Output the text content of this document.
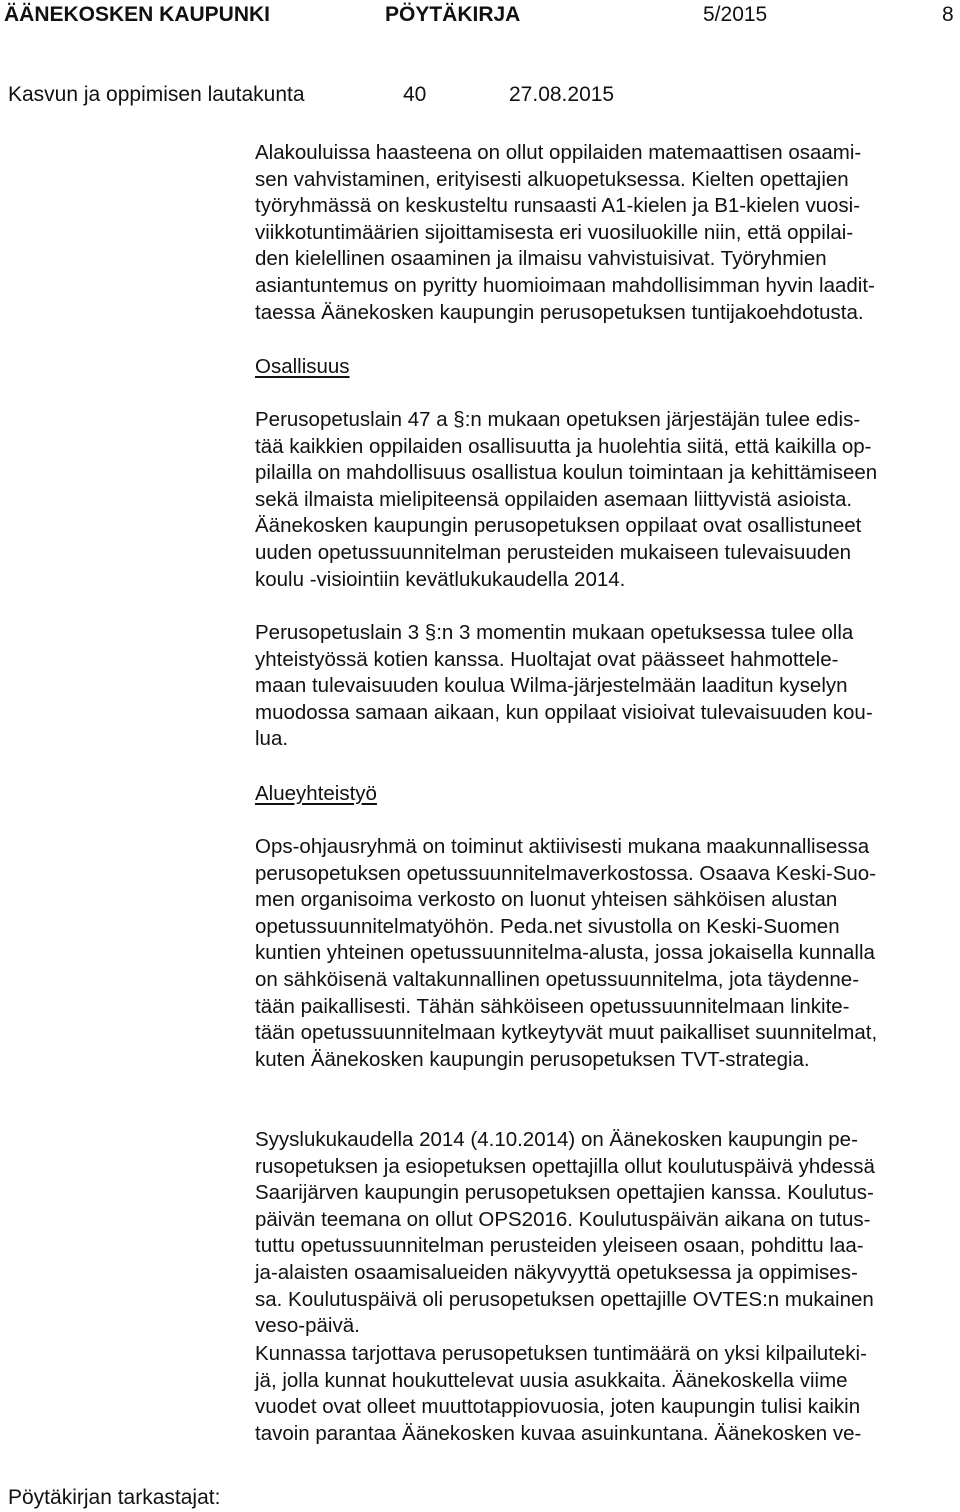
ÄÄNEKOSKEN KAUPUNKI	PÖYTÄKIRJA	5/2015	8
Kasvun ja oppimisen lautakunta	40	27.08.2015
Alakouluissa haasteena on ollut oppilaiden matemaattisen osaami-
sen vahvistaminen, erityisesti alkuopetuksessa. Kielten opettajien
työryhmässä on keskusteltu runsaasti A1-kielen ja B1-kielen vuosi-
viikkotuntimäärien sijoittamisesta eri vuosiluokille niin, että oppilai-
den kielellinen osaaminen ja ilmaisu vahvistuisivat. Työryhmien
asiantuntemus on pyritty huomioimaan mahdollisimman hyvin laadit-
taessa Äänekosken kaupungin perusopetuksen tuntijakoehdotusta.
Osallisuus
Perusopetuslain 47 a §:n mukaan opetuksen järjestäjän tulee edis-
tää kaikkien oppilaiden osallisuutta ja huolehtia siitä, että kaikilla op-
pilailla on mahdollisuus osallistua koulun toimintaan ja kehittämiseen
sekä ilmaista mielipiteensä oppilaiden asemaan liittyvistä asioista.
Äänekosken kaupungin perusopetuksen oppilaat ovat osallistuneet
uuden opetussuunnitelman perusteiden mukaiseen tulevaisuuden
koulu -visiointiin kevätlukukaudella 2014.
Perusopetuslain 3 §:n 3 momentin mukaan opetuksessa tulee olla
yhteistyössä kotien kanssa. Huoltajat ovat päässeet hahmottele-
maan tulevaisuuden koulua Wilma-järjestelmään laaditun kyselyn
muodossa samaan aikaan, kun oppilaat visioivat tulevaisuuden kou-
lua.
Alueyhteistyö
Ops-ohjausryhmä on toiminut aktiivisesti mukana maakunnallisessa
perusopetuksen opetussuunnitelmaverkostossa. Osaava Keski-Suo-
men organisoima verkosto on luonut yhteisen sähköisen alustan
opetussuunnitelmatyöhön. Peda.net sivustolla on Keski-Suomen
kuntien yhteinen opetussuunnitelma-alusta, jossa jokaisella kunnalla
on sähköisenä valtakunnallinen opetussuunnitelma, jota täydenne-
tään paikallisesti. Tähän sähköiseen opetussuunnitelmaan linkite-
tään opetussuunnitelmaan kytkeytyvät muut paikalliset suunnitelmat,
kuten Äänekosken kaupungin perusopetuksen TVT-strategia.
Syyslukukaudella 2014 (4.10.2014) on Äänekosken kaupungin pe-
rusopetuksen ja esiopetuksen opettajilla ollut koulutuspäivä yhdessä
Saarijärven kaupungin perusopetuksen opettajien kanssa. Koulutus-
päivän teemana on ollut OPS2016. Koulutuspäivän aikana on tutus-
tuttu opetussuunnitelman perusteiden yleiseen osaan, pohdittu laa-
ja-alaisten osaamisalueiden näkyvyyttä opetuksessa ja oppimises-
sa. Koulutuspäivä oli perusopetuksen opettajille OVTES:n mukainen
veso-päivä.
Kunnassa tarjottava perusopetuksen tuntimäärä on yksi kilpailuteki-
jä, jolla kunnat houkuttelevat uusia asukkaita. Äänekoskella viime
vuodet ovat olleet muuttotappiovuosia, joten kaupungin tulisi kaikin
tavoin parantaa Äänekosken kuvaa asuinkuntana. Äänekosken ve-
Pöytäkirjan tarkastajat:
